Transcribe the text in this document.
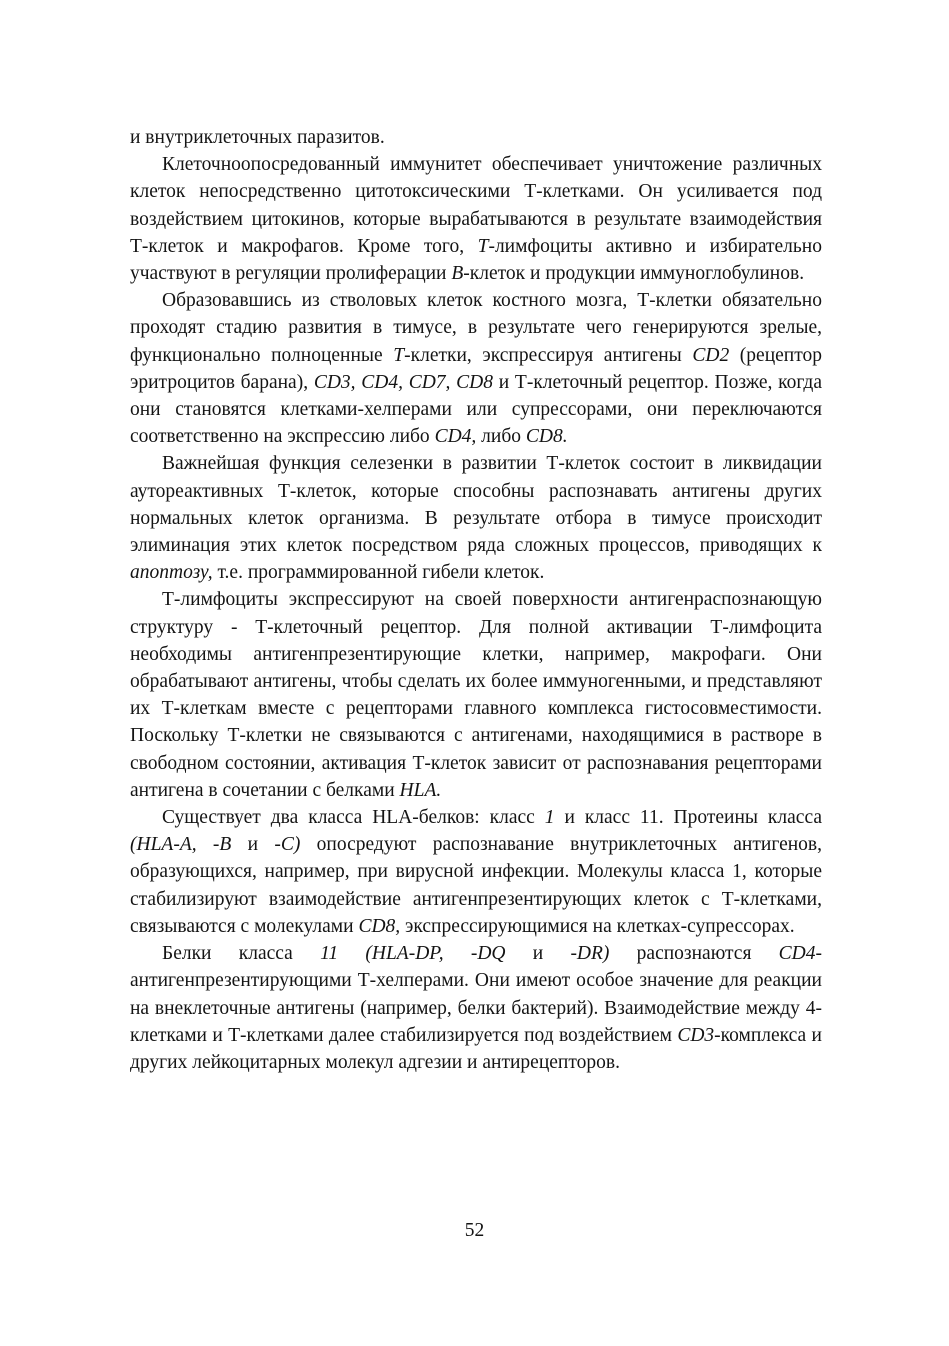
и внутриклеточных паразитов.

Клеточноопосредованный иммунитет обеспечивает уничтожение различных клеток непосредственно цитотоксическими Т-клетками. Он усиливается под воздействием цитокинов, которые вырабатываются в результате взаимодействия Т-клеток и макрофагов. Кроме того, Т-лимфоциты активно и избирательно участвуют в регуляции пролиферации В-клеток и продукции иммуноглобулинов.

Образовавшись из стволовых клеток костного мозга, Т-клетки обязательно проходят стадию развития в тимусе, в результате чего генерируются зрелые, функционально полноценные Т-клетки, экспрессируя антигены CD2 (рецептор эритроцитов барана), CD3, CD4, CD7, CD8 и Т-клеточный рецептор. Позже, когда они становятся клетками-хелперами или супрессорами, они переключаются соответственно на экспрессию либо CD4, либо CD8.

Важнейшая функция селезенки в развитии Т-клеток состоит в ликвидации аутореактивных Т-клеток, которые способны распознавать антигены других нормальных клеток организма. В результате отбора в тимусе происходит элиминация этих клеток посредством ряда сложных процессов, приводящих к апоптозу, т.е. программированной гибели клеток.

Т-лимфоциты экспрессируют на своей поверхности антигенраспознающую структуру - Т-клеточный рецептор. Для полной активации Т-лимфоцита необходимы антигенпрезентирующие клетки, например, макрофаги. Они обрабатывают антигены, чтобы сделать их более иммуногенными, и представляют их Т-клеткам вместе с рецепторами главного комплекса гистосовместимости. Поскольку Т-клетки не связываются с антигенами, находящимися в растворе в свободном состоянии, активация Т-клеток зависит от распознавания рецепторами антигена в сочетании с белками HLA.

Существует два класса HLA-белков: класс 1 и класс 11. Протеины класса (HLA-A, -B и -C) опосредуют распознавание внутриклеточных антигенов, образующихся, например, при вирусной инфекции. Молекулы класса 1, которые стабилизируют взаимодействие антигенпрезентирующих клеток с Т-клетками, связываются с молекулами CD8, экспрессирующимися на клетках-супрессорах.

Белки класса 11 (HLA-DP, -DQ и -DR) распознаются CD4-антигенпрезентирующими Т-хелперами. Они имеют особое значение для реакции на внеклеточные антигены (например, белки бактерий). Взаимодействие между 4-клетками и Т-клетками далее стабилизируется под воздействием CD3-комплекса и других лейкоцитарных молекул адгезии и антирецепторов.

52
